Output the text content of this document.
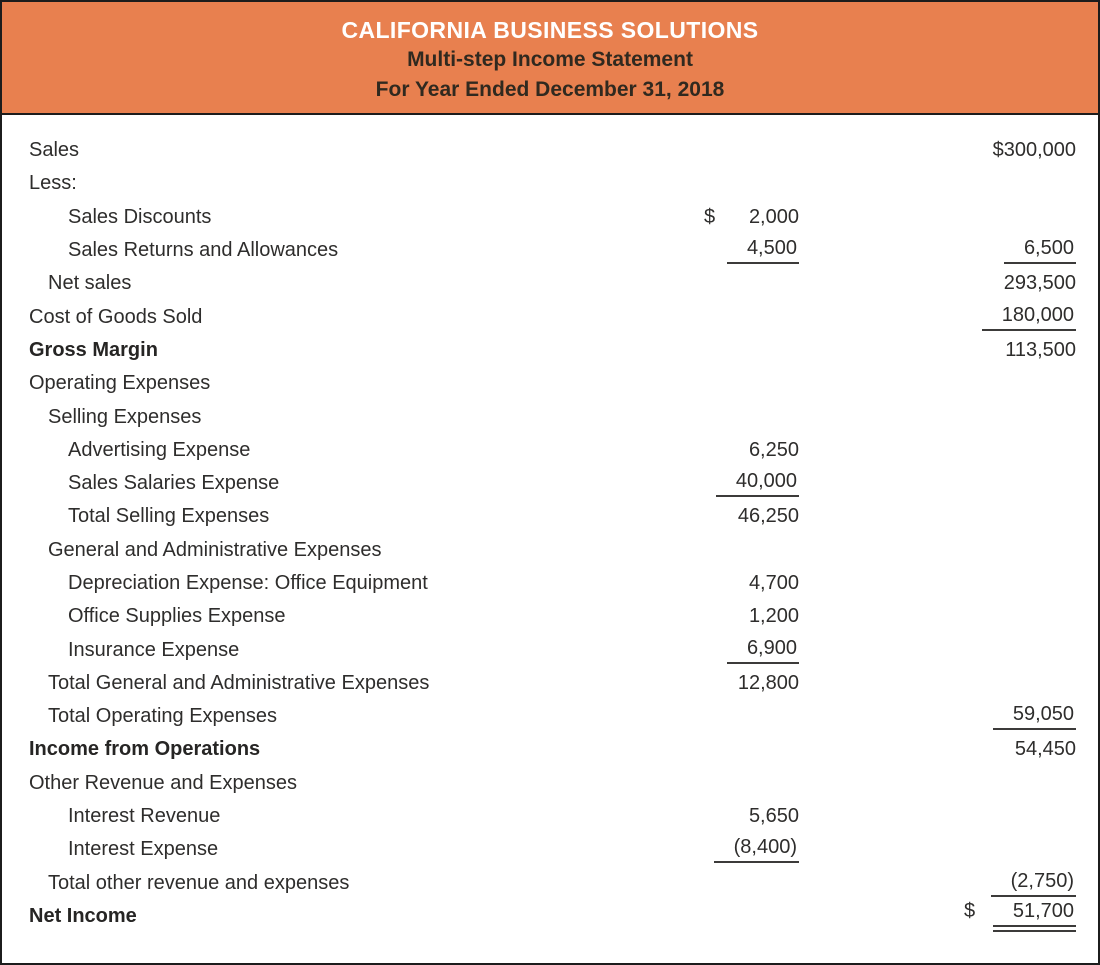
CALIFORNIA BUSINESS SOLUTIONS
Multi-step Income Statement
For Year Ended December 31, 2018
Sales	$300,000
Less:
Sales Discounts	$	2,000
Sales Returns and Allowances	4,500	6,500
Net sales	293,500
Cost of Goods Sold	180,000
Gross Margin	113,500
Operating Expenses
Selling Expenses
Advertising Expense	6,250
Sales Salaries Expense	40,000
Total Selling Expenses	46,250
General and Administrative Expenses
Depreciation Expense: Office Equipment	4,700
Office Supplies Expense	1,200
Insurance Expense	6,900
Total General and Administrative Expenses	12,800
Total Operating Expenses	59,050
Income from Operations	54,450
Other Revenue and Expenses
Interest Revenue	5,650
Interest Expense	(8,400)
Total other revenue and expenses	(2,750)
Net Income	$	51,700
